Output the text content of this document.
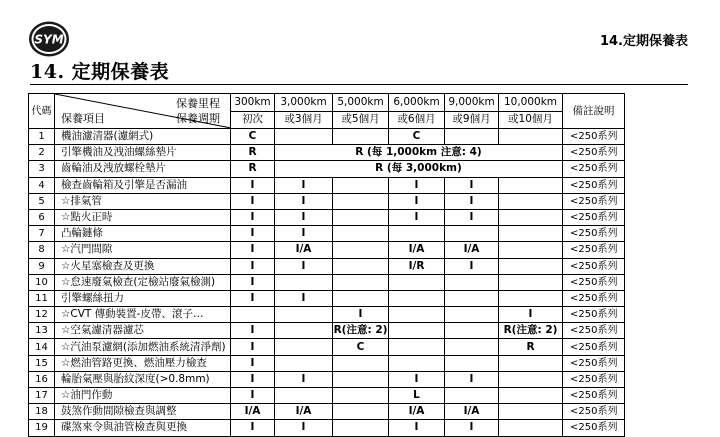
SYM	14.定期保養表
14. 定期保養表
代碼	保養里程
保養項目 保養週期	300km	3,000km	5,000km	6,000km	9,000km	10,000km	備註說明
		初次	或3個月	或5個月	或6個月	或9個月	或10個月	
1	機油濾清器(濾網式)	C			C			<250系列
2	引擎機油及洩油螺絲墊片	R	R (每 1,000km 注意: 4)					<250系列
3	齒輪油及洩放螺栓墊片	R	R (每 3,000km)					<250系列
4	檢查齒輪箱及引擎是否漏油	I	I		I	I		<250系列
5	☆排氣管	I	I		I	I		<250系列
6	☆點火正時	I	I		I	I		<250系列
7	凸輪鏈條	I	I					<250系列
8	☆汽門間隙	I	I/A		I/A	I/A		<250系列
9	☆火星塞檢查及更換	I	I		I/R	I		<250系列
10	☆怠速廢氣檢查(定檢站廢氣檢測)	I						<250系列
11	引擎螺絲扭力	I	I					<250系列
12	☆CVT 傳動裝置-皮帶、滾子…			I			I	<250系列
13	☆空氣濾清器濾芯	I		R(注意: 2)			R(注意: 2)	<250系列
14	☆汽油泵濾網(添加燃油系統清淨劑)	I		C			R	<250系列
15	☆燃油管路更換、燃油壓力檢查	I						<250系列
16	輪胎氣壓與胎紋深度(>0.8mm)	I	I		I	I		<250系列
17	☆油門作動	I			L			<250系列
18	鼓煞作動間隙檢查與調整	I/A	I/A		I/A	I/A		<250系列
19	碟煞來令與油管檢查與更換	I	I		I	I		<250系列
